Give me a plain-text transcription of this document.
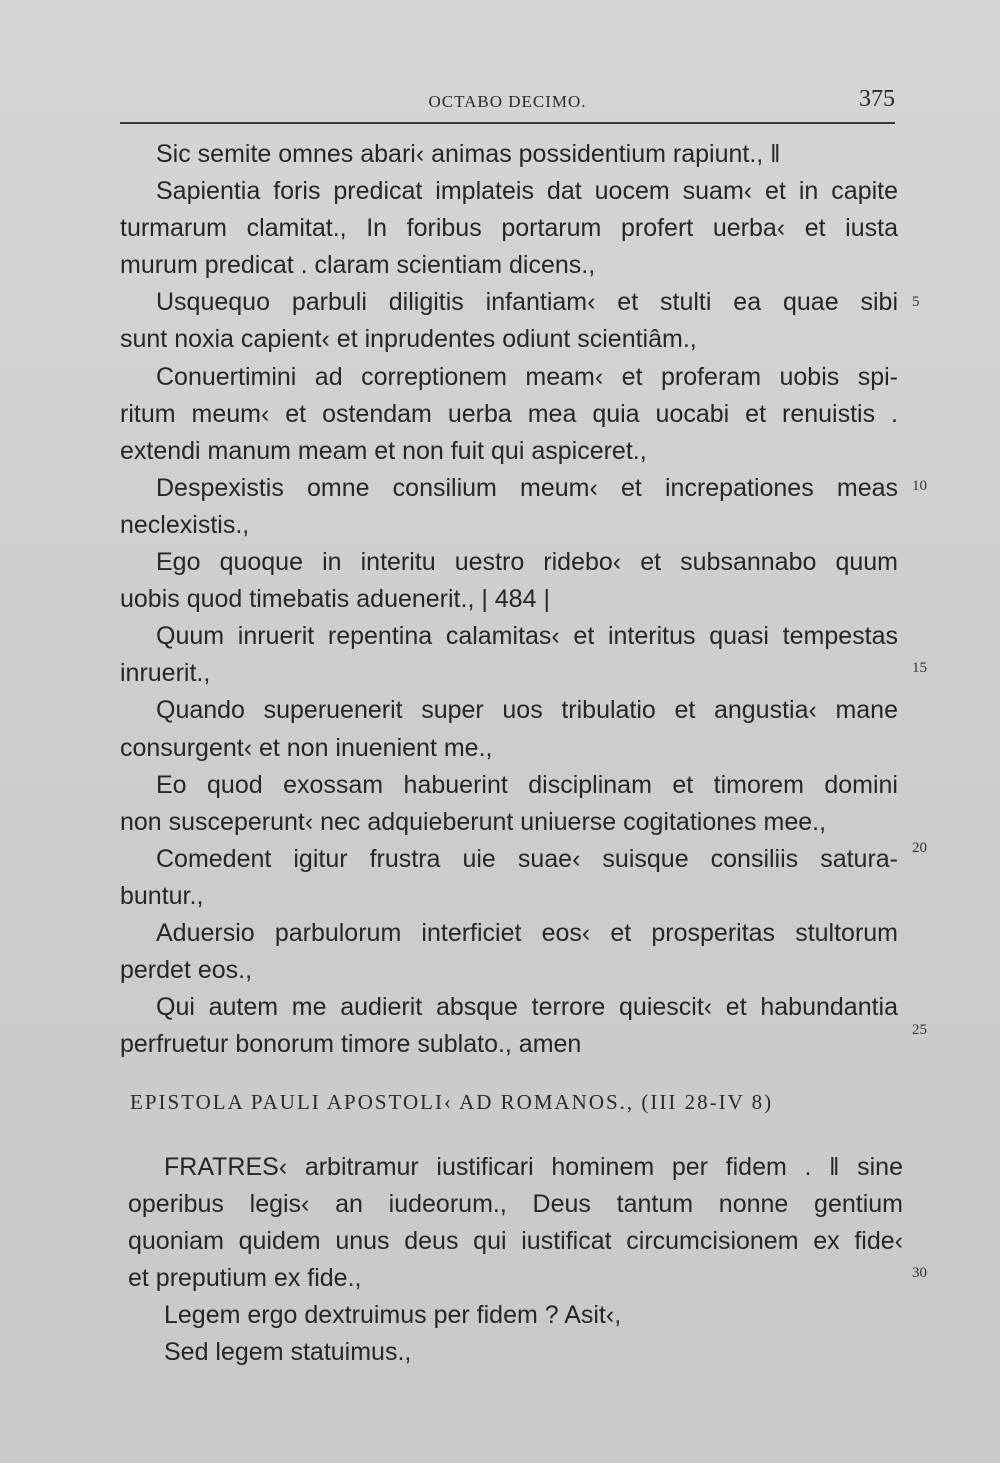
OCTABO DECIMO.	375
Sic semite omnes abari‹ animas possidentium rapiunt., ‖
Sapientia foris predicat implateis dat uocem suam‹ et in capite
turmarum clamitat., In foribus portarum profert uerba‹ et iusta
murum predicat . claram scientiam dicens.,
Usquequo parbuli diligitis infantiam‹ et stulti ea quae sibi
sunt noxia capient‹ et inprudentes odiunt scientiâm.,
Conuertimini ad correptionem meam‹ et proferam uobis spi-
ritum meum‹ et ostendam uerba mea quia uocabi et renuistis .
extendi manum meam et non fuit qui aspiceret.,
Despexistis omne consilium meum‹ et increpationes meas
neclexistis.,
Ego quoque in interitu uestro ridebo‹ et subsannabo quum
uobis quod timebatis aduenerit., | 484 |
Quum inruerit repentina calamitas‹ et interitus quasi tempestas
inruerit.,
Quando superuenerit super uos tribulatio et angustia‹ mane
consurgent‹ et non inuenient me.,
Eo quod exossam habuerint disciplinam et timorem domini
non susceperunt‹ nec adquieberunt uniuerse cogitationes mee.,
Comedent igitur frustra uie suae‹ suisque consiliis satura-
buntur.,
Aduersio parbulorum interficiet eos‹ et prosperitas stultorum
perdet eos.,
Qui autem me audierit absque terrore quiescit‹ et habundantia
perfruetur bonorum timore sublato., amen
EPISTOLA PAULI APOSTOLI‹ AD ROMANOS., (III 28-IV 8)
FRATRES‹ arbitramur iustificari hominem per fidem . ‖ sine
operibus legis‹ an iudeorum., Deus tantum nonne gentium
quoniam quidem unus deus qui iustificat circumcisionem ex fide‹
et preputium ex fide.,
Legem ergo dextruimus per fidem ? Asit‹,
Sed legem statuimus.,
5
10
15
20
25
30
